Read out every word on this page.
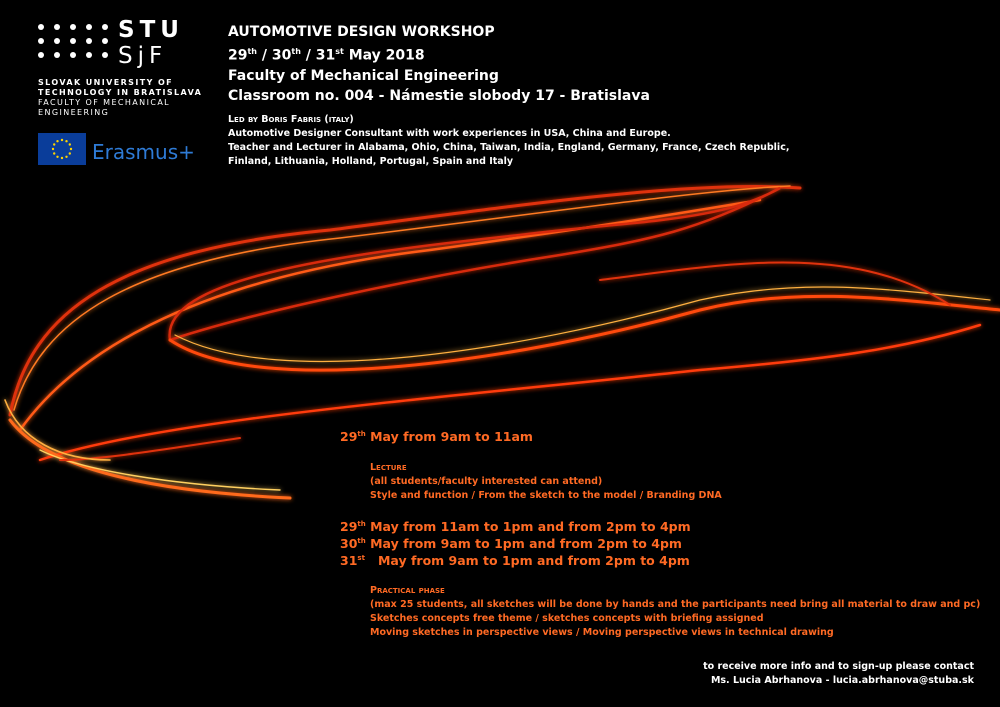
STU
SjF
SLOVAK UNIVERSITY OF
TECHNOLOGY IN BRATISLAVA
FACULTY OF MECHANICAL
ENGINEERING
Erasmus+
AUTOMOTIVE DESIGN WORKSHOP
29th / 30th / 31st May 2018
Faculty of Mechanical Engineering
Classroom no. 004 - Námestie slobody 17 - Bratislava
Led by Boris Fabris (italy)
Automotive Designer Consultant with work experiences in USA, China and Europe.
Teacher and Lecturer in Alabama, Ohio, China, Taiwan, India, England, Germany, France, Czech Republic,
Finland, Lithuania, Holland, Portugal, Spain and Italy
29th May from 9am to 11am
Lecture
(all students/faculty interested can attend)
Style and function / From the sketch to the model / Branding DNA
29th May from 11am to 1pm and from 2pm to 4pm
30th May from 9am to 1pm and from 2pm to 4pm
31st   May from 9am to 1pm and from 2pm to 4pm
Practical phase
(max 25 students, all sketches will be done by hands and the participants need bring all material to draw and pc)
Sketches concepts free theme / sketches concepts with briefing assigned
Moving sketches in perspective views / Moving perspective views in technical drawing
to receive more info and to sign-up please contact
Ms. Lucia Abrhanova - lucia.abrhanova@stuba.sk
